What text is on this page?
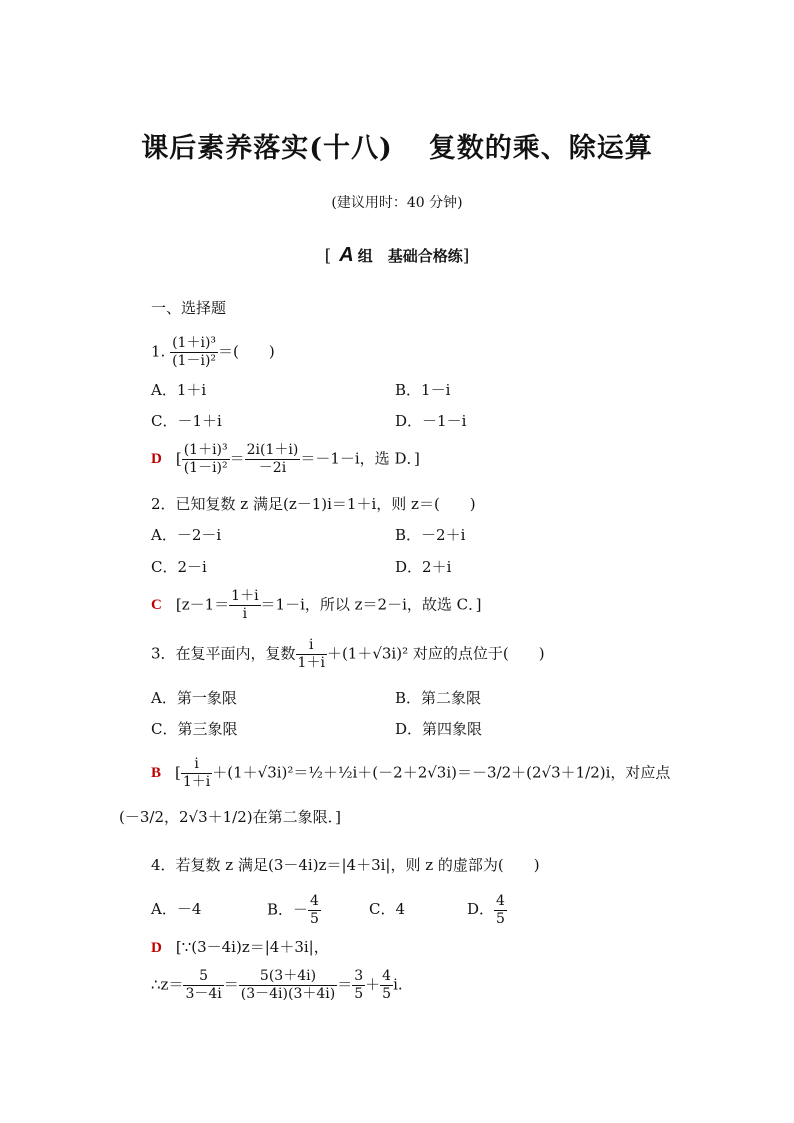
课后素养落实(十八) 复数的乘、除运算
(建议用时：40 分钟)
[ A 组　基础合格练]
一、选择题
1. $\frac{\text{(1＋i)³}}{\text{(1－i)²}}$ ＝(　　)
A．1＋i	B．1－i
C．－1＋i	D．－1－i
D [ $\frac{\text{(1＋i)³}}{\text{(1－i)²}} = \frac{2i(1+i)}{-2i} =-1-i$，选 D．]
2．已知复数 z 满足(z－1)i＝1＋i，则 z＝(　　)
A．－2－i	B．－2＋i
C．2－i	D．2＋i
C [$z-1= \frac{1+i}{i} =1-i$，所以 z＝2－i，故选 C．]
3．在复平面内，复数 $\frac{i}{1+i} +(1+√3i)^2$ 对应的点位于(　　)
A．第一象限	B．第二象限
C．第三象限	D．第四象限
B [ $\frac{i}{1+i}$ ＋(1＋√3i)²＝½＋½i＋(－2＋2√3i)＝－3/2＋(2√3＋1/2)i，对应点
(－3/2，2√3＋1/2)在第二象限．]
4．若复数 z 满足(3－4i)z＝|4＋3i|，则 z 的虚部为(　　)
A．－4	B．－ $\frac{4}{5}$	C．4	D． $\frac{4}{5}$
D [∵(3－4i)z＝|4＋3i|，
∴z＝ $\frac{5}{3-4i} = \frac{5(3+4i)}{(3-4i)(3+4i)} = \frac{3}{5} + \frac{4}{5} i$.
